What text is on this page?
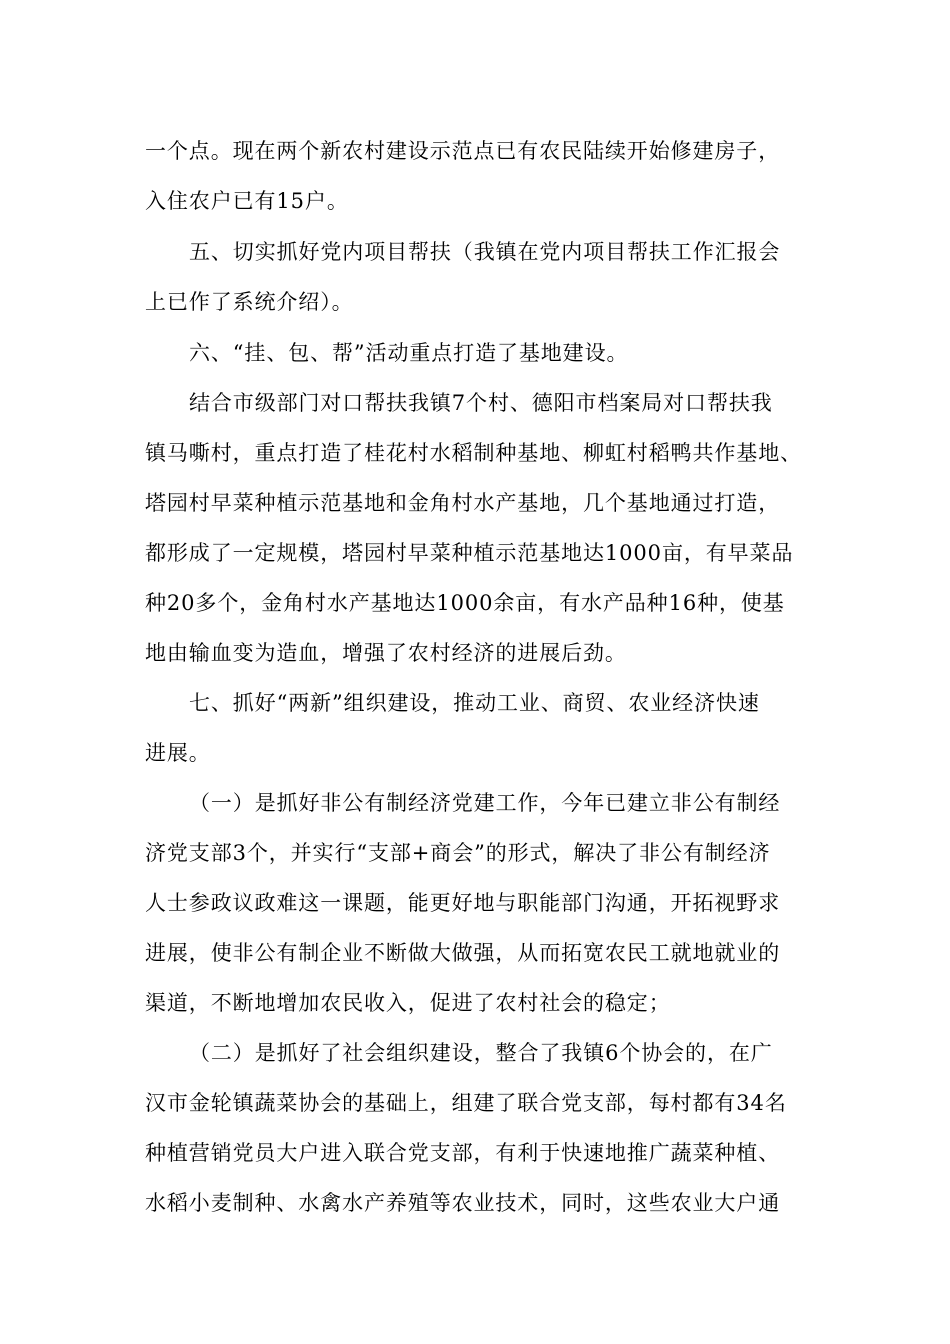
一个点。现在两个新农村建设示范点已有农民陆续开始修建房子，
入住农户已有15户。
五、切实抓好党内项目帮扶（我镇在党内项目帮扶工作汇报会
上已作了系统介绍）。
六、“挂、包、帮”活动重点打造了基地建设。
结合市级部门对口帮扶我镇7个村、德阳市档案局对口帮扶我
镇马嘶村，重点打造了桂花村水稻制种基地、柳虹村稻鸭共作基地、
塔园村早菜种植示范基地和金角村水产基地，几个基地通过打造，
都形成了一定规模，塔园村早菜种植示范基地达1000亩，有早菜品
种20多个，金角村水产基地达1000余亩，有水产品种16种，使基
地由输血变为造血，增强了农村经济的进展后劲。
七、抓好“两新”组织建设，推动工业、商贸、农业经济快速
进展。
（一）是抓好非公有制经济党建工作，今年已建立非公有制经
济党支部3个，并实行“支部+商会”的形式，解决了非公有制经济
人士参政议政难这一课题，能更好地与职能部门沟通，开拓视野求
进展，使非公有制企业不断做大做强，从而拓宽农民工就地就业的
渠道，不断地增加农民收入，促进了农村社会的稳定；
（二）是抓好了社会组织建设，整合了我镇6个协会的，在广
汉市金轮镇蔬菜协会的基础上，组建了联合党支部，每村都有34名
种植营销党员大户进入联合党支部，有利于快速地推广蔬菜种植、
水稻小麦制种、水禽水产养殖等农业技术，同时，这些农业大户通
